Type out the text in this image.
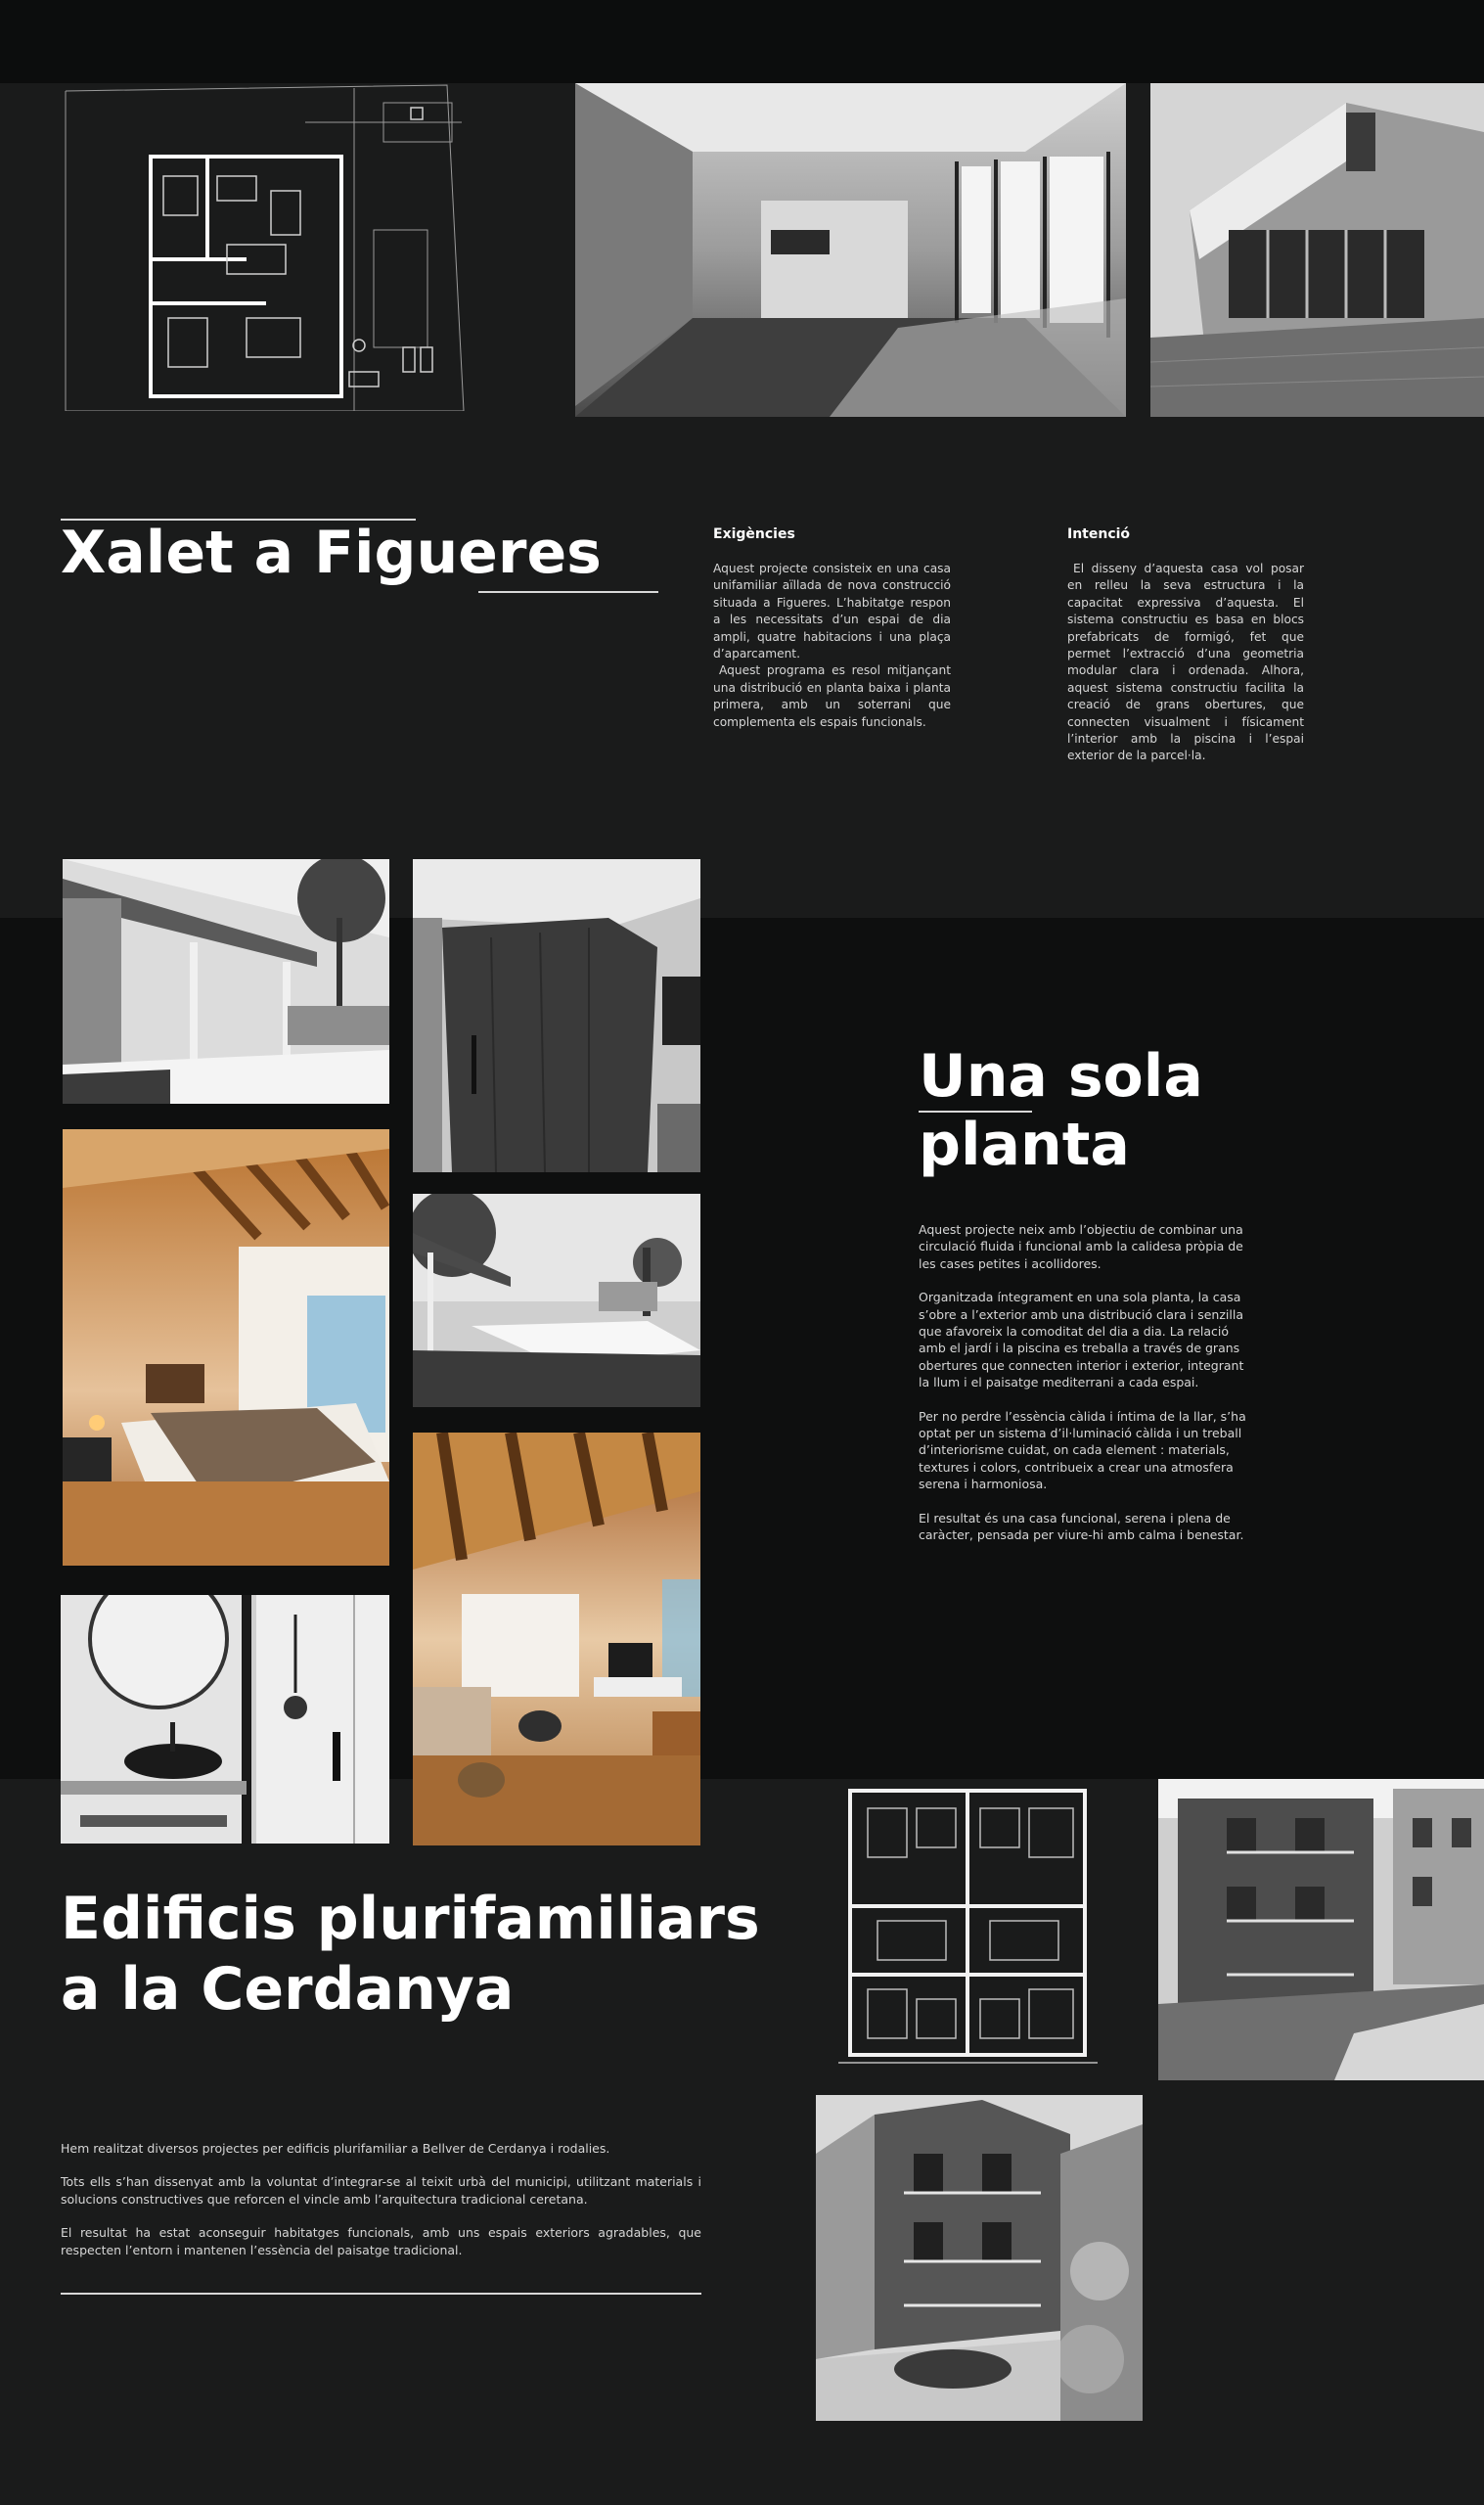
Xalet a Figueres	Exigències

Aquest projecte consisteix en una casa unifamiliar aïllada de nova construcció situada a Figueres. L’habitatge respon a les necessitats d’un espai de dia ampli, quatre habitacions i una plaça d’aparcament.

Aquest programa es resol mitjançant una distribució en planta baixa i planta primera, amb un soterrani que complementa els espais funcionals.

Intenció

El disseny d’aquesta casa vol posar en relleu la seva estructura i la capacitat expressiva d’aquesta. El sistema constructiu es basa en blocs prefabricats de formigó, fet que permet l’extracció d’una geometria modular clara i ordenada. Alhora, aquest sistema constructiu facilita la creació de grans obertures, que connecten visualment i físicament l’interior amb la piscina i l’espai exterior de la parcel·la.

Una sola
planta

Aquest projecte neix amb l’objectiu de combinar una circulació fluida i funcional amb la calidesa pròpia de les cases petites i acollidores.

Organitzada íntegrament en una sola planta, la casa s’obre a l’exterior amb una distribució clara i senzilla que afavoreix la comoditat del dia a dia. La relació amb el jardí i la piscina es treballa a través de grans obertures que connecten interior i exterior, integrant la llum i el paisatge mediterrani a cada espai.

Per no perdre l’essència càlida i íntima de la llar, s’ha optat per un sistema d’il·luminació càlida i un treball d’interiorisme cuidat, on cada element : materials, textures i colors, contribueix a crear una atmosfera serena i harmoniosa.

El resultat és una casa funcional, serena i plena de caràcter, pensada per viure-hi amb calma i benestar.

Edificis plurifamiliars
a la Cerdanya

Hem realitzat diversos projectes per edificis plurifamiliar a Bellver de Cerdanya i rodalies.

Tots ells s’han dissenyat amb la voluntat d’integrar-se al teixit urbà del municipi, utilitzant materials i solucions constructives que reforcen el vincle amb l’arquitectura tradicional ceretana.

El resultat ha estat aconseguir habitatges funcionals, amb uns espais exteriors agradables, que respecten l’entorn i mantenen l’essència del paisatge tradicional.
